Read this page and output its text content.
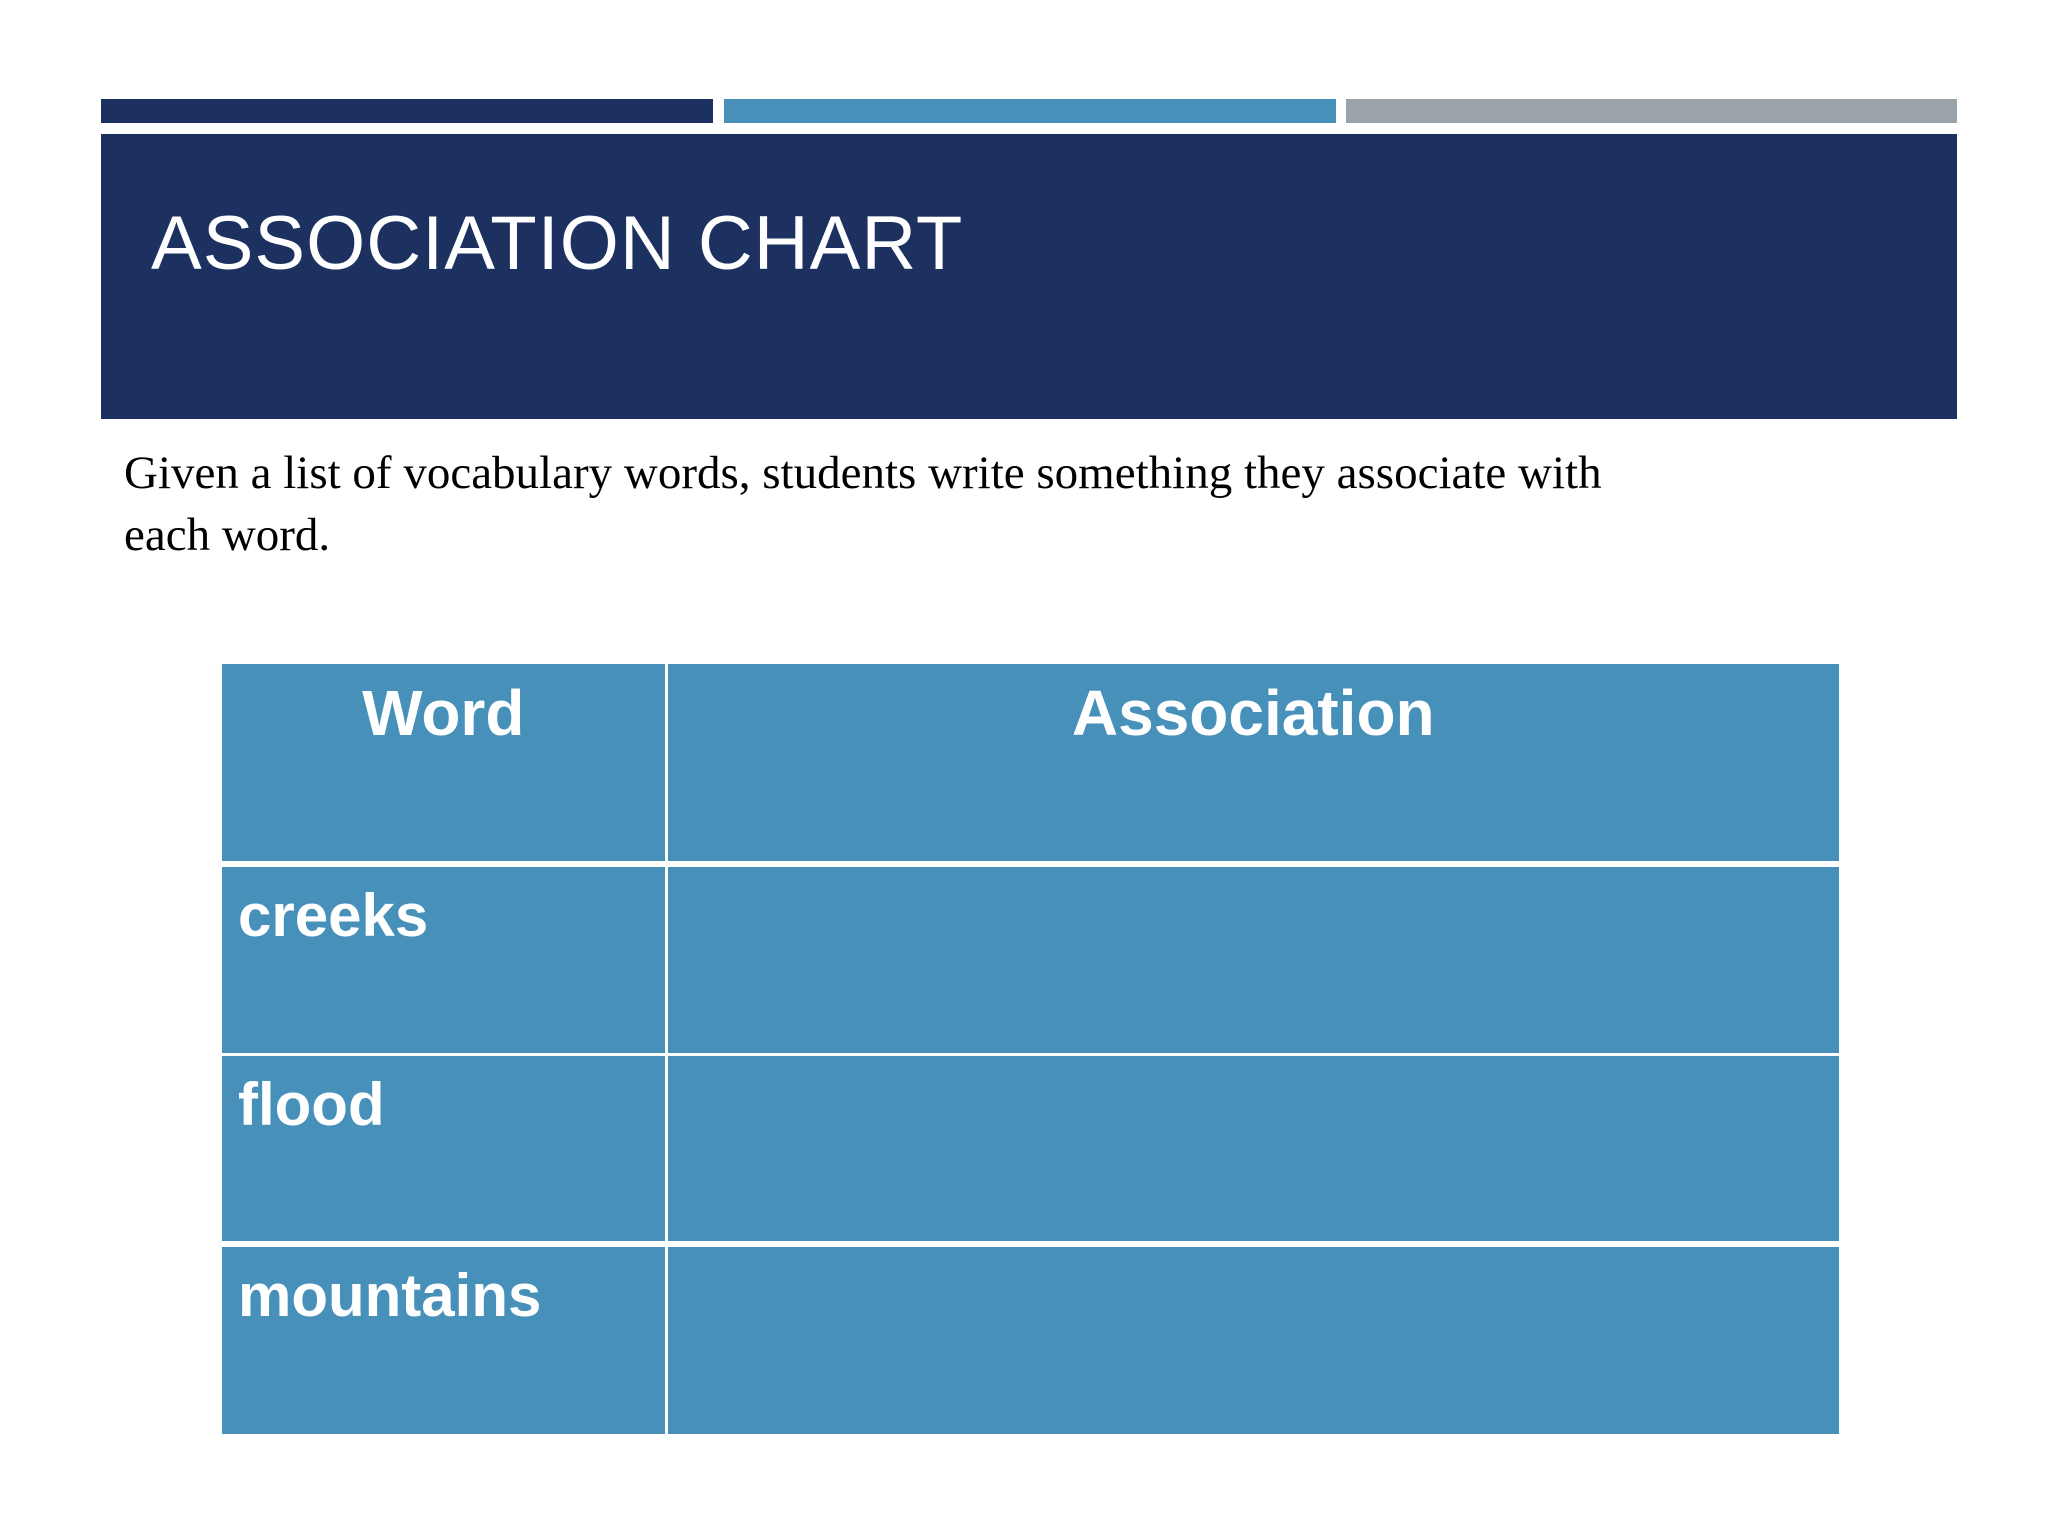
ASSOCIATION CHART

Given a list of vocabulary words, students write something they associate with each word.

Word	Association
creeks	
flood	
mountains	
